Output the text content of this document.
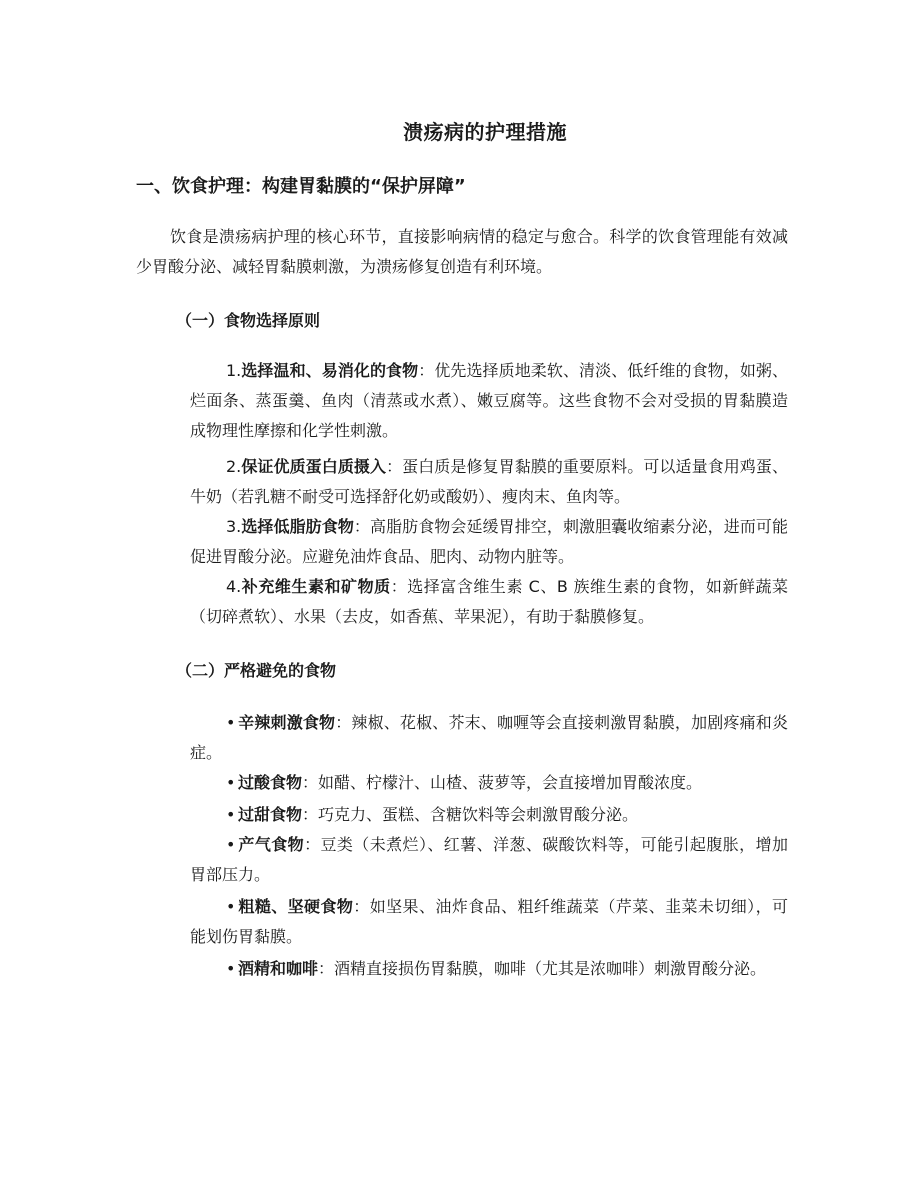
溃疡病的护理措施
一、饮食护理：构建胃黏膜的“保护屏障”
饮食是溃疡病护理的核心环节，直接影响病情的稳定与愈合。科学的饮食管理能有效减少胃酸分泌、减轻胃黏膜刺激，为溃疡修复创造有利环境。
（一）食物选择原则
1.选择温和、易消化的食物：优先选择质地柔软、清淡、低纤维的食物，如粥、烂面条、蒸蛋羹、鱼肉（清蒸或水煮）、嫩豆腐等。这些食物不会对受损的胃黏膜造成物理性摩擦和化学性刺激。
2.保证优质蛋白质摄入：蛋白质是修复胃黏膜的重要原料。可以适量食用鸡蛋、牛奶（若乳糖不耐受可选择舒化奶或酸奶）、瘦肉末、鱼肉等。
3.选择低脂肪食物：高脂肪食物会延缓胃排空，刺激胆囊收缩素分泌，进而可能促进胃酸分泌。应避免油炸食品、肥肉、动物内脏等。
4.补充维生素和矿物质：选择富含维生素 C、B 族维生素的食物，如新鲜蔬菜（切碎煮软）、水果（去皮，如香蕉、苹果泥），有助于黏膜修复。
（二）严格避免的食物
• 辛辣刺激食物：辣椒、花椒、芥末、咖喱等会直接刺激胃黏膜，加剧疼痛和炎症。
• 过酸食物：如醋、柠檬汁、山楂、菠萝等，会直接增加胃酸浓度。
• 过甜食物：巧克力、蛋糕、含糖饮料等会刺激胃酸分泌。
• 产气食物：豆类（未煮烂）、红薯、洋葱、碳酸饮料等，可能引起腹胀，增加胃部压力。
• 粗糙、坚硬食物：如坚果、油炸食品、粗纤维蔬菜（芹菜、韭菜未切细），可能划伤胃黏膜。
• 酒精和咖啡：酒精直接损伤胃黏膜，咖啡（尤其是浓咖啡）刺激胃酸分泌。
